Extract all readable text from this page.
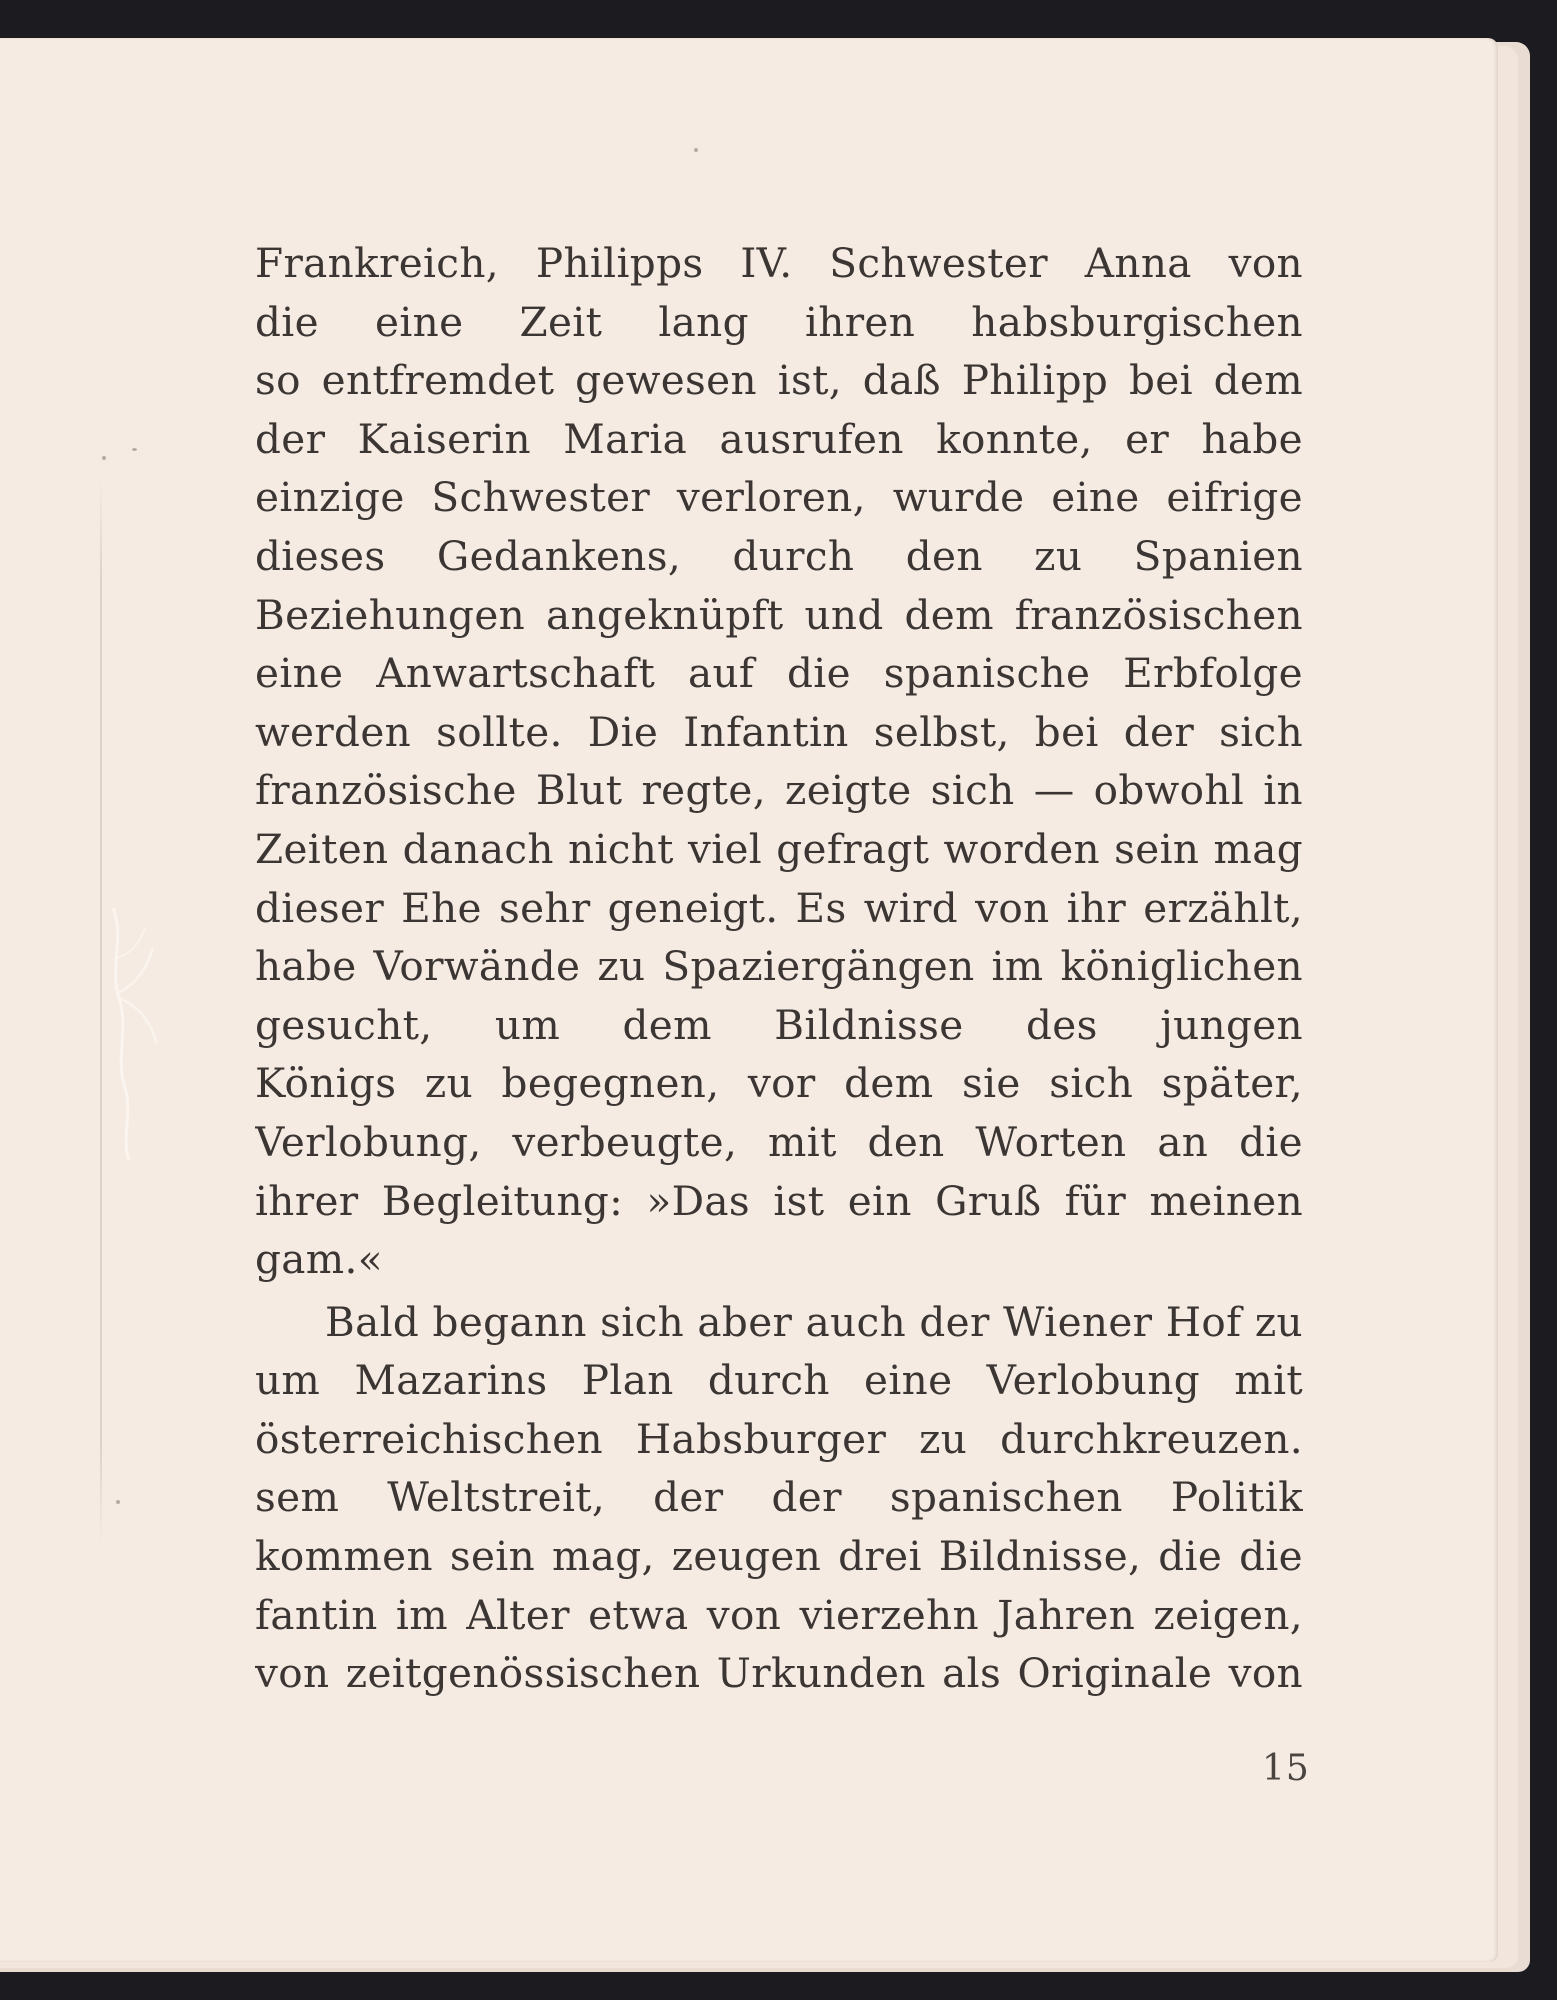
Frankreich, Philipps IV. Schwester Anna von
die eine Zeit lang ihren habsburgischen
so entfremdet gewesen ist, daß Philipp bei dem
der Kaiserin Maria ausrufen konnte, er habe
einzige Schwester verloren, wurde eine eifrige
dieses Gedankens, durch den zu Spanien
Beziehungen angeknüpft und dem französischen
eine Anwartschaft auf die spanische Erbfolge
werden sollte. Die Infantin selbst, bei der sich
französische Blut regte, zeigte sich — obwohl in
Zeiten danach nicht viel gefragt worden sein mag
dieser Ehe sehr geneigt. Es wird von ihr erzählt,
habe Vorwände zu Spaziergängen im königlichen
gesucht, um dem Bildnisse des jungen
Königs zu begegnen, vor dem sie sich später,
Verlobung, verbeugte, mit den Worten an die
ihrer Begleitung: »Das ist ein Gruß für meinen
gam.«
Bald begann sich aber auch der Wiener Hof zu
um Mazarins Plan durch eine Verlobung mit
österreichischen Habsburger zu durchkreuzen.
sem Weltstreit, der der spanischen Politik
kommen sein mag, zeugen drei Bildnisse, die die
fantin im Alter etwa von vierzehn Jahren zeigen,
von zeitgenössischen Urkunden als Originale von
15
